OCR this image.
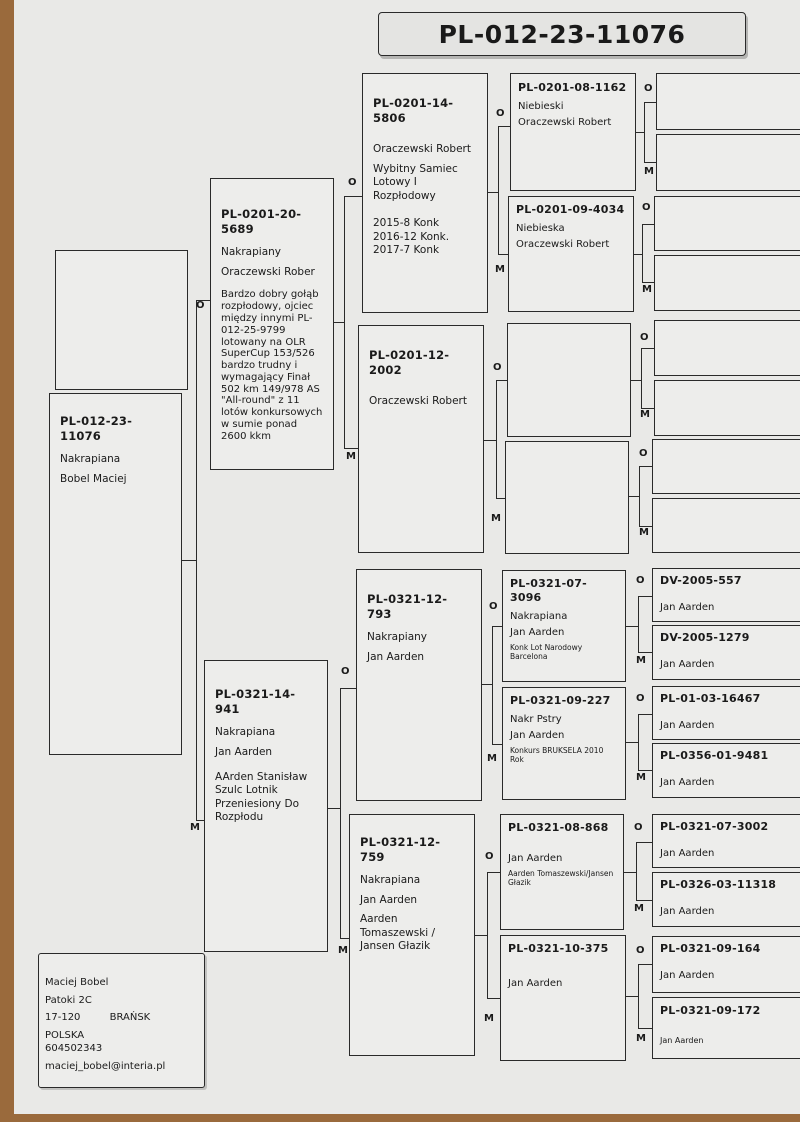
PL-012-23-11076
PL-012-23-11076
Nakrapiana
Bobel Maciej
PL-0201-20-5689
Nakrapiany
Oraczewski Rober
Bardzo dobry gołąb rozpłodowy, ojciec między innymi PL-012-25-9799 lotowany na OLR SuperCup 153/526 bardzo trudny i wymagający Finał 502 km 149/978 AS "All-round" z 11 lotów konkursowych w sumie ponad 2600 kkm
PL-0321-14-941
Nakrapiana
Jan Aarden
AArden Stanisław Szulc Lotnik Przeniesiony Do Rozpłodu
PL-0201-14-5806
Oraczewski Robert
Wybitny Samiec Lotowy I Rozpłodowy
2015-8 Konk
2016-12 Konk.
2017-7 Konk
PL-0201-12-2002
Oraczewski Robert
PL-0321-12-793
Nakrapiany
Jan Aarden
PL-0321-12-759
Nakrapiana
Jan Aarden
Aarden Tomaszewski / Jansen Głazik
PL-0201-08-1162
Niebieski
Oraczewski Robert
PL-0201-09-4034
Niebieska
Oraczewski Robert
PL-0321-07-3096
Nakrapiana
Jan Aarden
Konk Lot Narodowy Barcelona
PL-0321-09-227
Nakr Pstry
Jan Aarden
Konkurs BRUKSELA 2010 Rok
PL-0321-08-868
Jan Aarden
Aarden Tomaszewski/Jansen Głazik
PL-0321-10-375
Jan Aarden
DV-2005-557
Jan Aarden
DV-2005-1279
Jan Aarden
PL-01-03-16467
Jan Aarden
PL-0356-01-9481
Jan Aarden
PL-0321-07-3002
Jan Aarden
PL-0326-03-11318
Jan Aarden
PL-0321-09-164
Jan Aarden
PL-0321-09-172
Jan Aarden
O
M
O
M
O
M
O
M
O
M
O
M
O
M
O
M
O
M
O
M
O
M
O
M
O
M
O
M
O
M
Maciej Bobel
Patoki 2C
17-120	BRAŃSK
POLSKA
604502343
maciej_bobel@interia.pl
